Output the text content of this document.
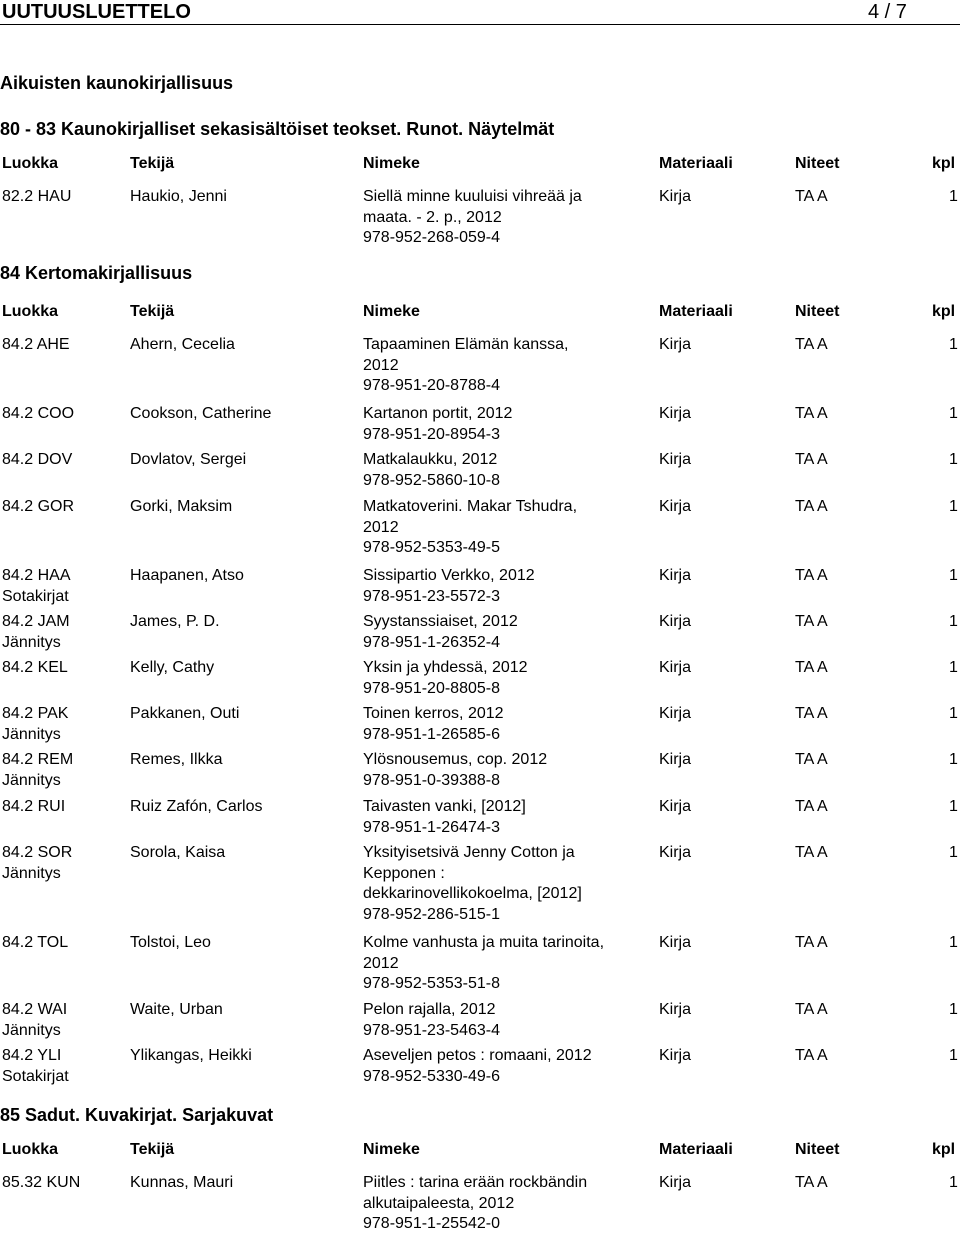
UUTUUSLUETTELO	4 / 7
Aikuisten kaunokirjallisuus
80 - 83 Kaunokirjalliset sekasisältöiset teokset. Runot. Näytelmät
Luokka	Tekijä	Nimeke	Materiaali	Niteet	kpl
82.2 HAU	Haukio, Jenni	Siellä minne kuuluisi vihreää ja
maata. - 2. p., 2012
978-952-268-059-4
Kirja	TA A	1
84 Kertomakirjallisuus
Luokka	Tekijä	Nimeke	Materiaali	Niteet	kpl
84.2 AHE	Ahern, Cecelia	Tapaaminen Elämän kanssa,
2012
978-951-20-8788-4
Kirja	TA A	1
84.2 COO	Cookson, Catherine	Kartanon portit, 2012
978-951-20-8954-3
Kirja	TA A	1
84.2 DOV	Dovlatov, Sergei	Matkalaukku, 2012
978-952-5860-10-8
Kirja	TA A	1
84.2 GOR	Gorki, Maksim	Matkatoverini. Makar Tshudra,
2012
978-952-5353-49-5
Kirja	TA A	1
84.2 HAA
Sotakirjat
Haapanen, Atso	Sissipartio Verkko, 2012
978-951-23-5572-3
Kirja	TA A	1
84.2 JAM
Jännitys
James, P. D.	Syystanssiaiset, 2012
978-951-1-26352-4
Kirja	TA A	1
84.2 KEL	Kelly, Cathy	Yksin ja yhdessä, 2012
978-951-20-8805-8
Kirja	TA A	1
84.2 PAK
Jännitys
Pakkanen, Outi	Toinen kerros, 2012
978-951-1-26585-6
Kirja	TA A	1
84.2 REM
Jännitys
Remes, Ilkka	Ylösnousemus, cop. 2012
978-951-0-39388-8
Kirja	TA A	1
84.2 RUI	Ruiz Zafón, Carlos	Taivasten vanki, [2012]
978-951-1-26474-3
Kirja	TA A	1
84.2 SOR
Jännitys
Sorola, Kaisa	Yksityisetsivä Jenny Cotton ja
Kepponen :
dekkarinovellikokoelma, [2012]
978-952-286-515-1
Kirja	TA A	1
84.2 TOL	Tolstoi, Leo	Kolme vanhusta ja muita tarinoita,
2012
978-952-5353-51-8
Kirja	TA A	1
84.2 WAI
Jännitys
Waite, Urban	Pelon rajalla, 2012
978-951-23-5463-4
Kirja	TA A	1
84.2 YLI
Sotakirjat
Ylikangas, Heikki	Aseveljen petos : romaani, 2012
978-952-5330-49-6
Kirja	TA A	1
85 Sadut. Kuvakirjat. Sarjakuvat
Luokka	Tekijä	Nimeke	Materiaali	Niteet	kpl
85.32 KUN	Kunnas, Mauri	Piitles : tarina erään rockbändin
alkutaipaleesta, 2012
978-951-1-25542-0
Kirja	TA A	1
